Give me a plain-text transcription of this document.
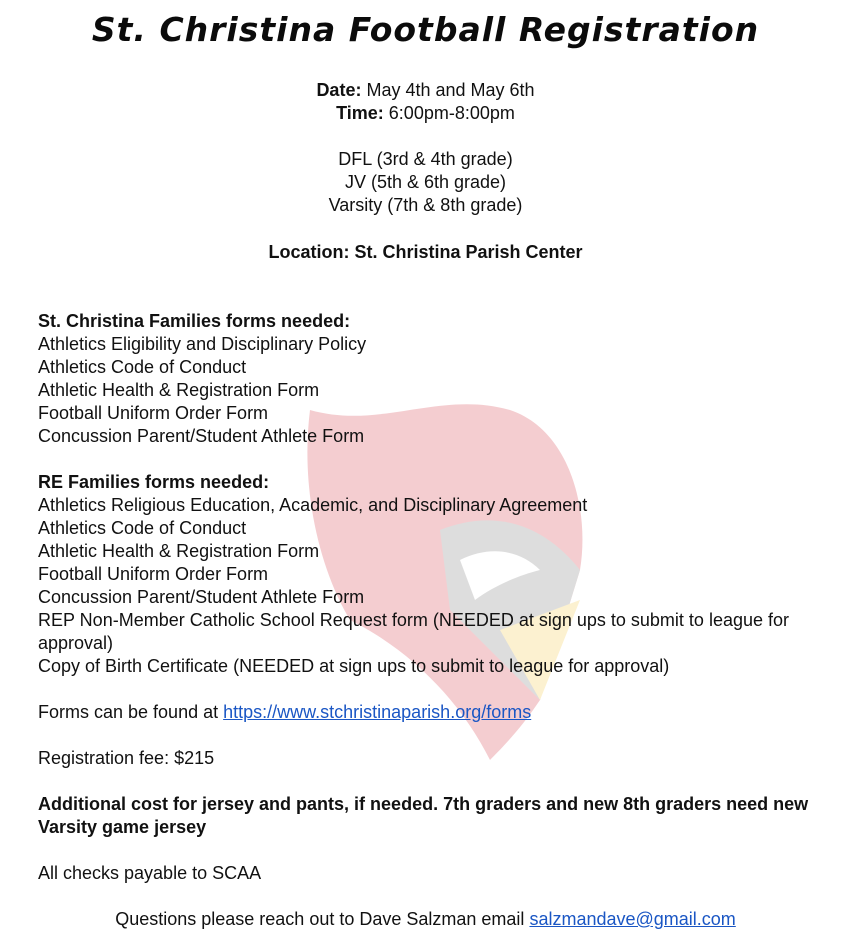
St. Christina Football Registration
Date: May 4th and May 6th
Time: 6:00pm-8:00pm
DFL (3rd & 4th grade)
JV (5th & 6th grade)
Varsity (7th & 8th grade)
Location: St. Christina Parish Center
St. Christina Families forms needed:
Athletics Eligibility and Disciplinary Policy
Athletics Code of Conduct
Athletic Health & Registration Form
Football Uniform Order Form
Concussion Parent/Student Athlete Form
RE Families forms needed:
Athletics Religious Education, Academic, and Disciplinary Agreement
Athletics Code of Conduct
Athletic Health & Registration Form
Football Uniform Order Form
Concussion Parent/Student Athlete Form
REP Non-Member Catholic School Request form (NEEDED at sign ups to submit to league for approval)
Copy of Birth Certificate (NEEDED at sign ups to submit to league for approval)
Forms can be found at https://www.stchristinaparish.org/forms
Registration fee: $215
Additional cost for jersey and pants, if needed. 7th graders and new 8th graders need new Varsity game jersey
All checks payable to SCAA
Questions please reach out to Dave Salzman email salzmandave@gmail.com
